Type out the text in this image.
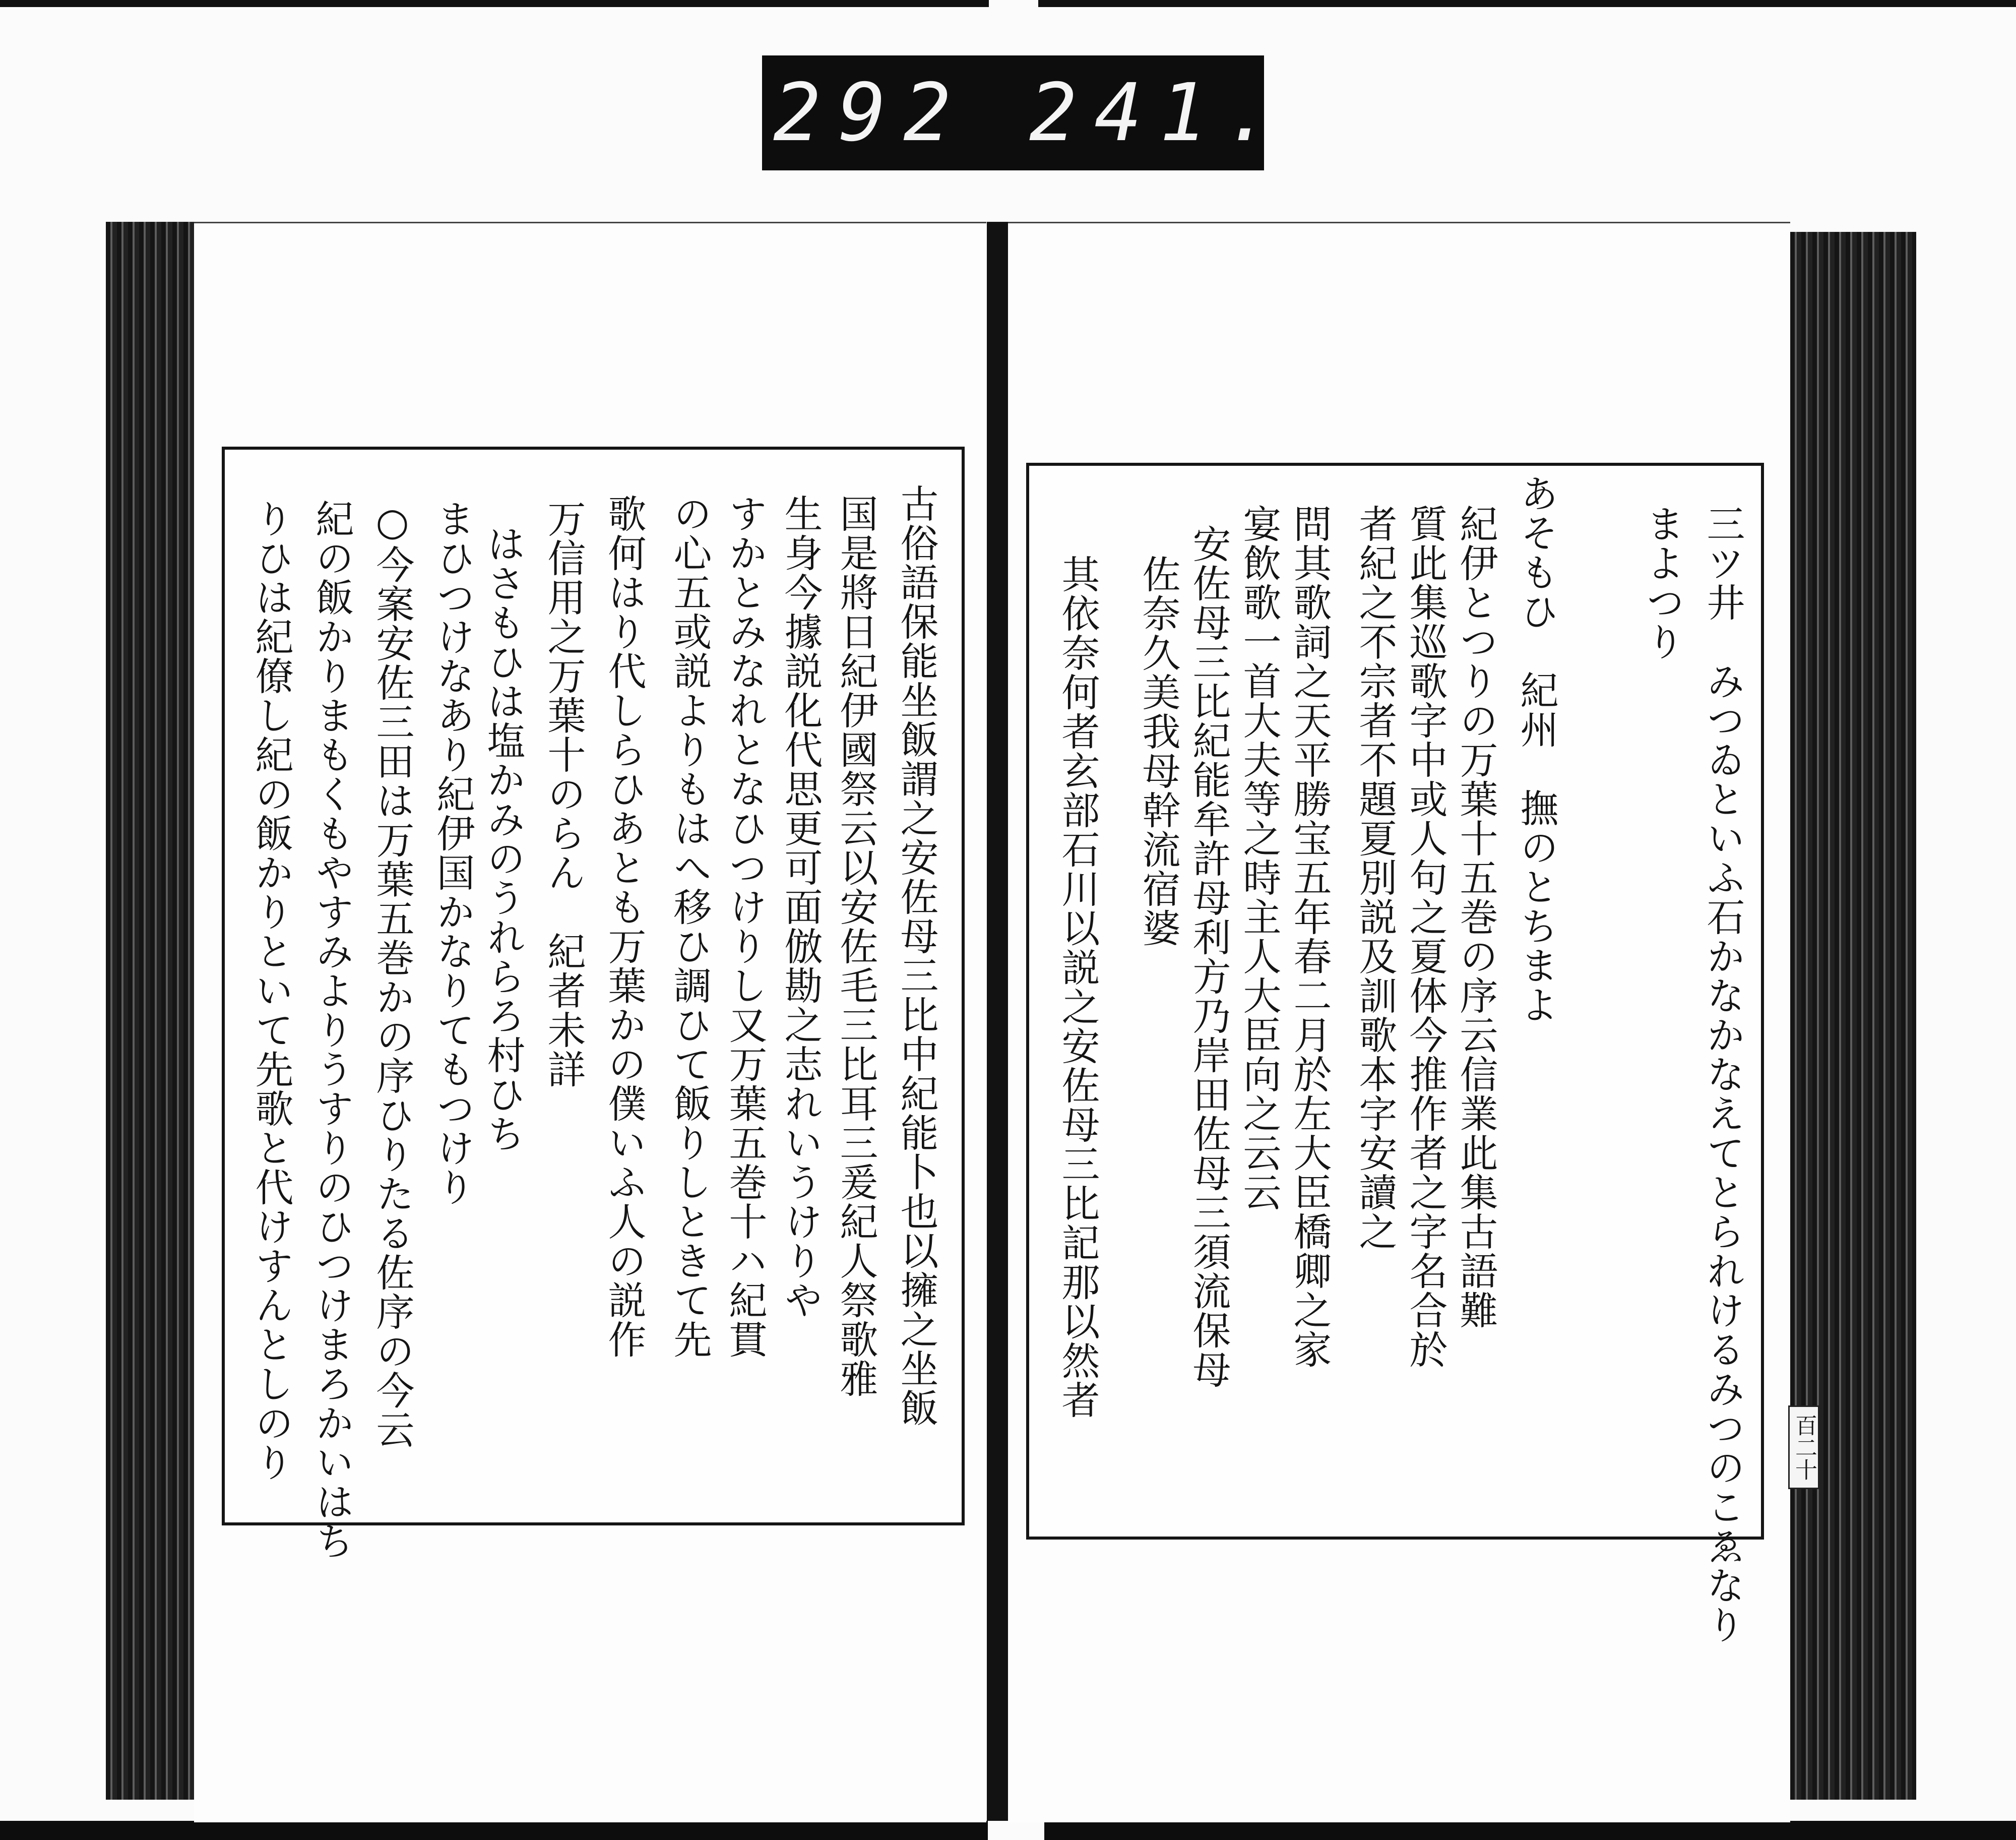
292 241.
百二十
三ツ井　みつゐといふ石かなかなえてとられけるみつのこゑなり
まよつり
あそもひ　紀州　撫のとちまよ
紀伊とつりの万葉十五巻の序云信業此集古語難
質此集巡歌字中或人句之夏体今推作者之字名合於
者紀之不宗者不題夏別説及訓歌本字安讀之
問其歌詞之天平勝宝五年春二月於左大臣橋卿之家
宴飲歌一首大夫等之時主人大臣向之云云
安佐母三比紀能牟許母利方乃岸田佐母三須流保母
佐奈久美我母幹流宿婆
其依奈何者玄部石川以説之安佐母三比記那以然者
古俗語保能坐飯謂之安佐母三比中紀能卜也以擁之坐飯
国是將日紀伊國祭云以安佐毛三比耳三爰紀人祭歌雅
生身今據説化代思更可面倣勘之志れいうけりや
すかとみなれとなひつけりし又万葉五巻十ハ紀貫
の心五或説よりもはへ移ひ調ひて飯りしときて先
歌何はり代しらひあとも万葉かの僕いふ人の説作
万信用之万葉十のらん　紀者未詳
はさもひは塩かみのうれらろ村ひち
まひつけなあり紀伊国かなりてもつけり
○今案安佐三田は万葉五巻かの序ひりたる佐序の今云
紀の飯かりまもくもやすみよりうすりのひつけまろかいはち
りひは紀僚し紀の飯かりといて先歌と代けすんとしのり
